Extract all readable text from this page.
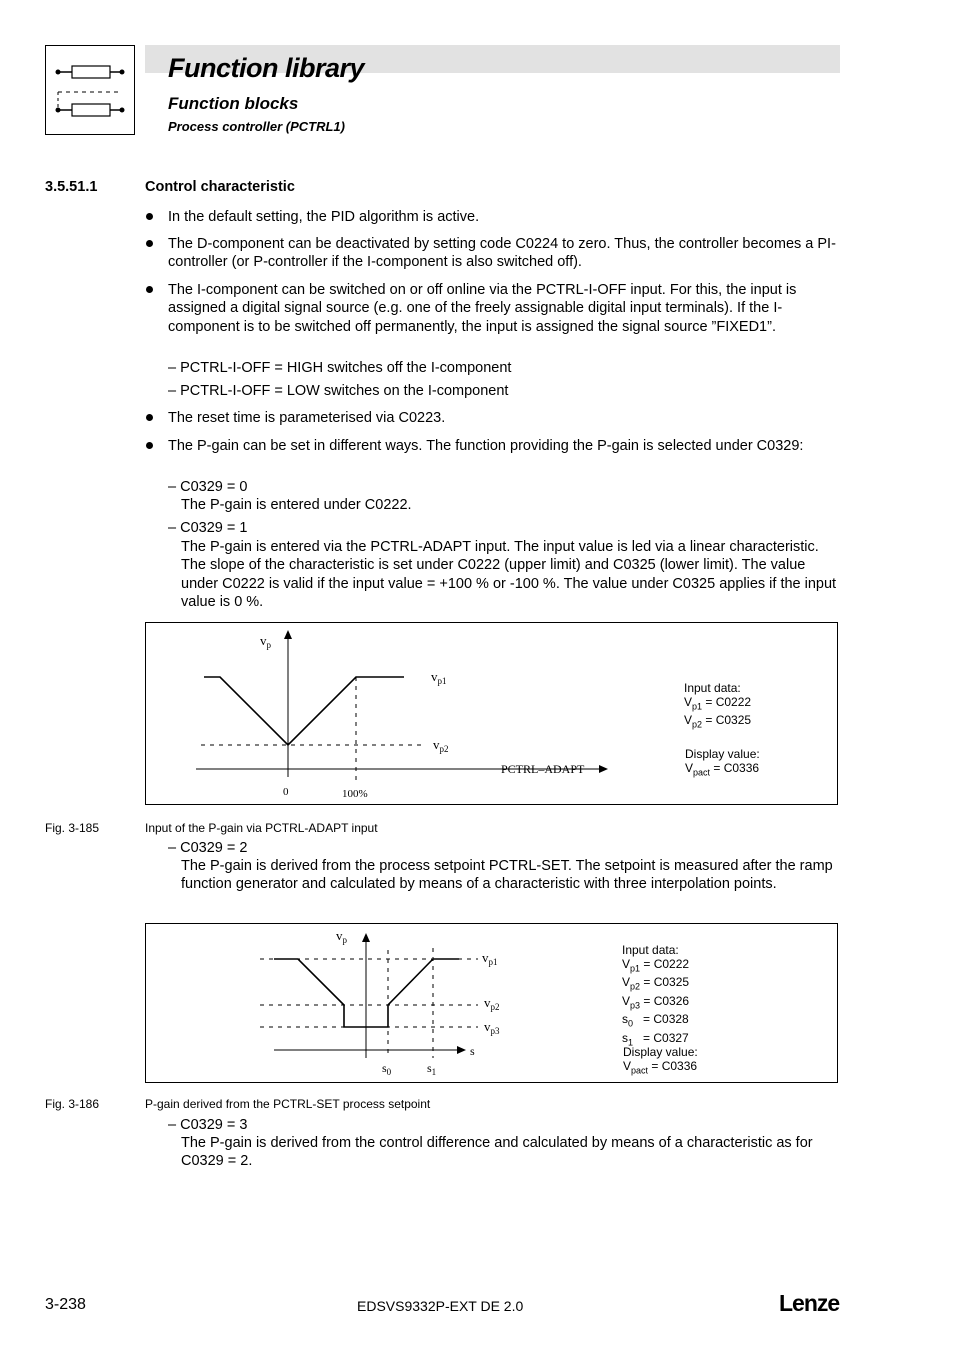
Function library
Function blocks
Process controller (PCTRL1)
3.5.51.1	Control characteristic
In the default setting, the PID algorithm is active.
The D-component can be deactivated by setting code C0224 to zero. Thus, the controller becomes a PI-controller (or P-controller if the I-component is also switched off).
The I-component can be switched on or off online via the PCTRL-I-OFF input. For this, the input is assigned a digital signal source (e.g. one of the freely assignable digital input terminals). If the I-component is to be switched off permanently, the input is assigned the signal source ”FIXED1”.
– PCTRL-I-OFF = HIGH switches off the I-component
– PCTRL-I-OFF = LOW switches on the I-component
The reset time is parameterised via C0223.
The P-gain can be set in different ways. The function providing the P-gain is selected under C0329:
– C0329 = 0
The P-gain is entered under C0222.
– C0329 = 1
The P-gain is entered via the PCTRL-ADAPT input. The input value is led via a linear characteristic. The slope of the characteristic is set under C0222 (upper limit) and C0325 (lower limit). The value under C0222 is valid if the input value = +100 % or -100 %. The value under C0325 applies if the input value is 0 %.
$v_p$
$v_{p1}$
$v_{p2}$
PCTRL–ADAPT
0	100%
Input data:
$V_{p1} = C0222$
$V_{p2} = C0325$
Display value:
$V_{pact} = C0336$
Fig. 3-185	Input of the P-gain via PCTRL-ADAPT input
– C0329 = 2
The P-gain is derived from the process setpoint PCTRL-SET. The setpoint is measured after the ramp function generator and calculated by means of a characteristic with three interpolation points.
$v_p$
$v_{p1}$
$v_{p2}$
$v_{p3}$
s
$s_0$	$s_1$
Input data:
$V_{p1} = C0222$
$V_{p2} = C0325$
$V_{p3} = C0326$
$s_0 = C0328$
$s_1 = C0327$
Display value:
$V_{pact} = C0336$
Fig. 3-186	P-gain derived from the PCTRL-SET process setpoint
– C0329 = 3
The P-gain is derived from the control difference and calculated by means of a characteristic as for C0329 = 2.
3-238	EDSVS9332P-EXT DE 2.0	Lenze
